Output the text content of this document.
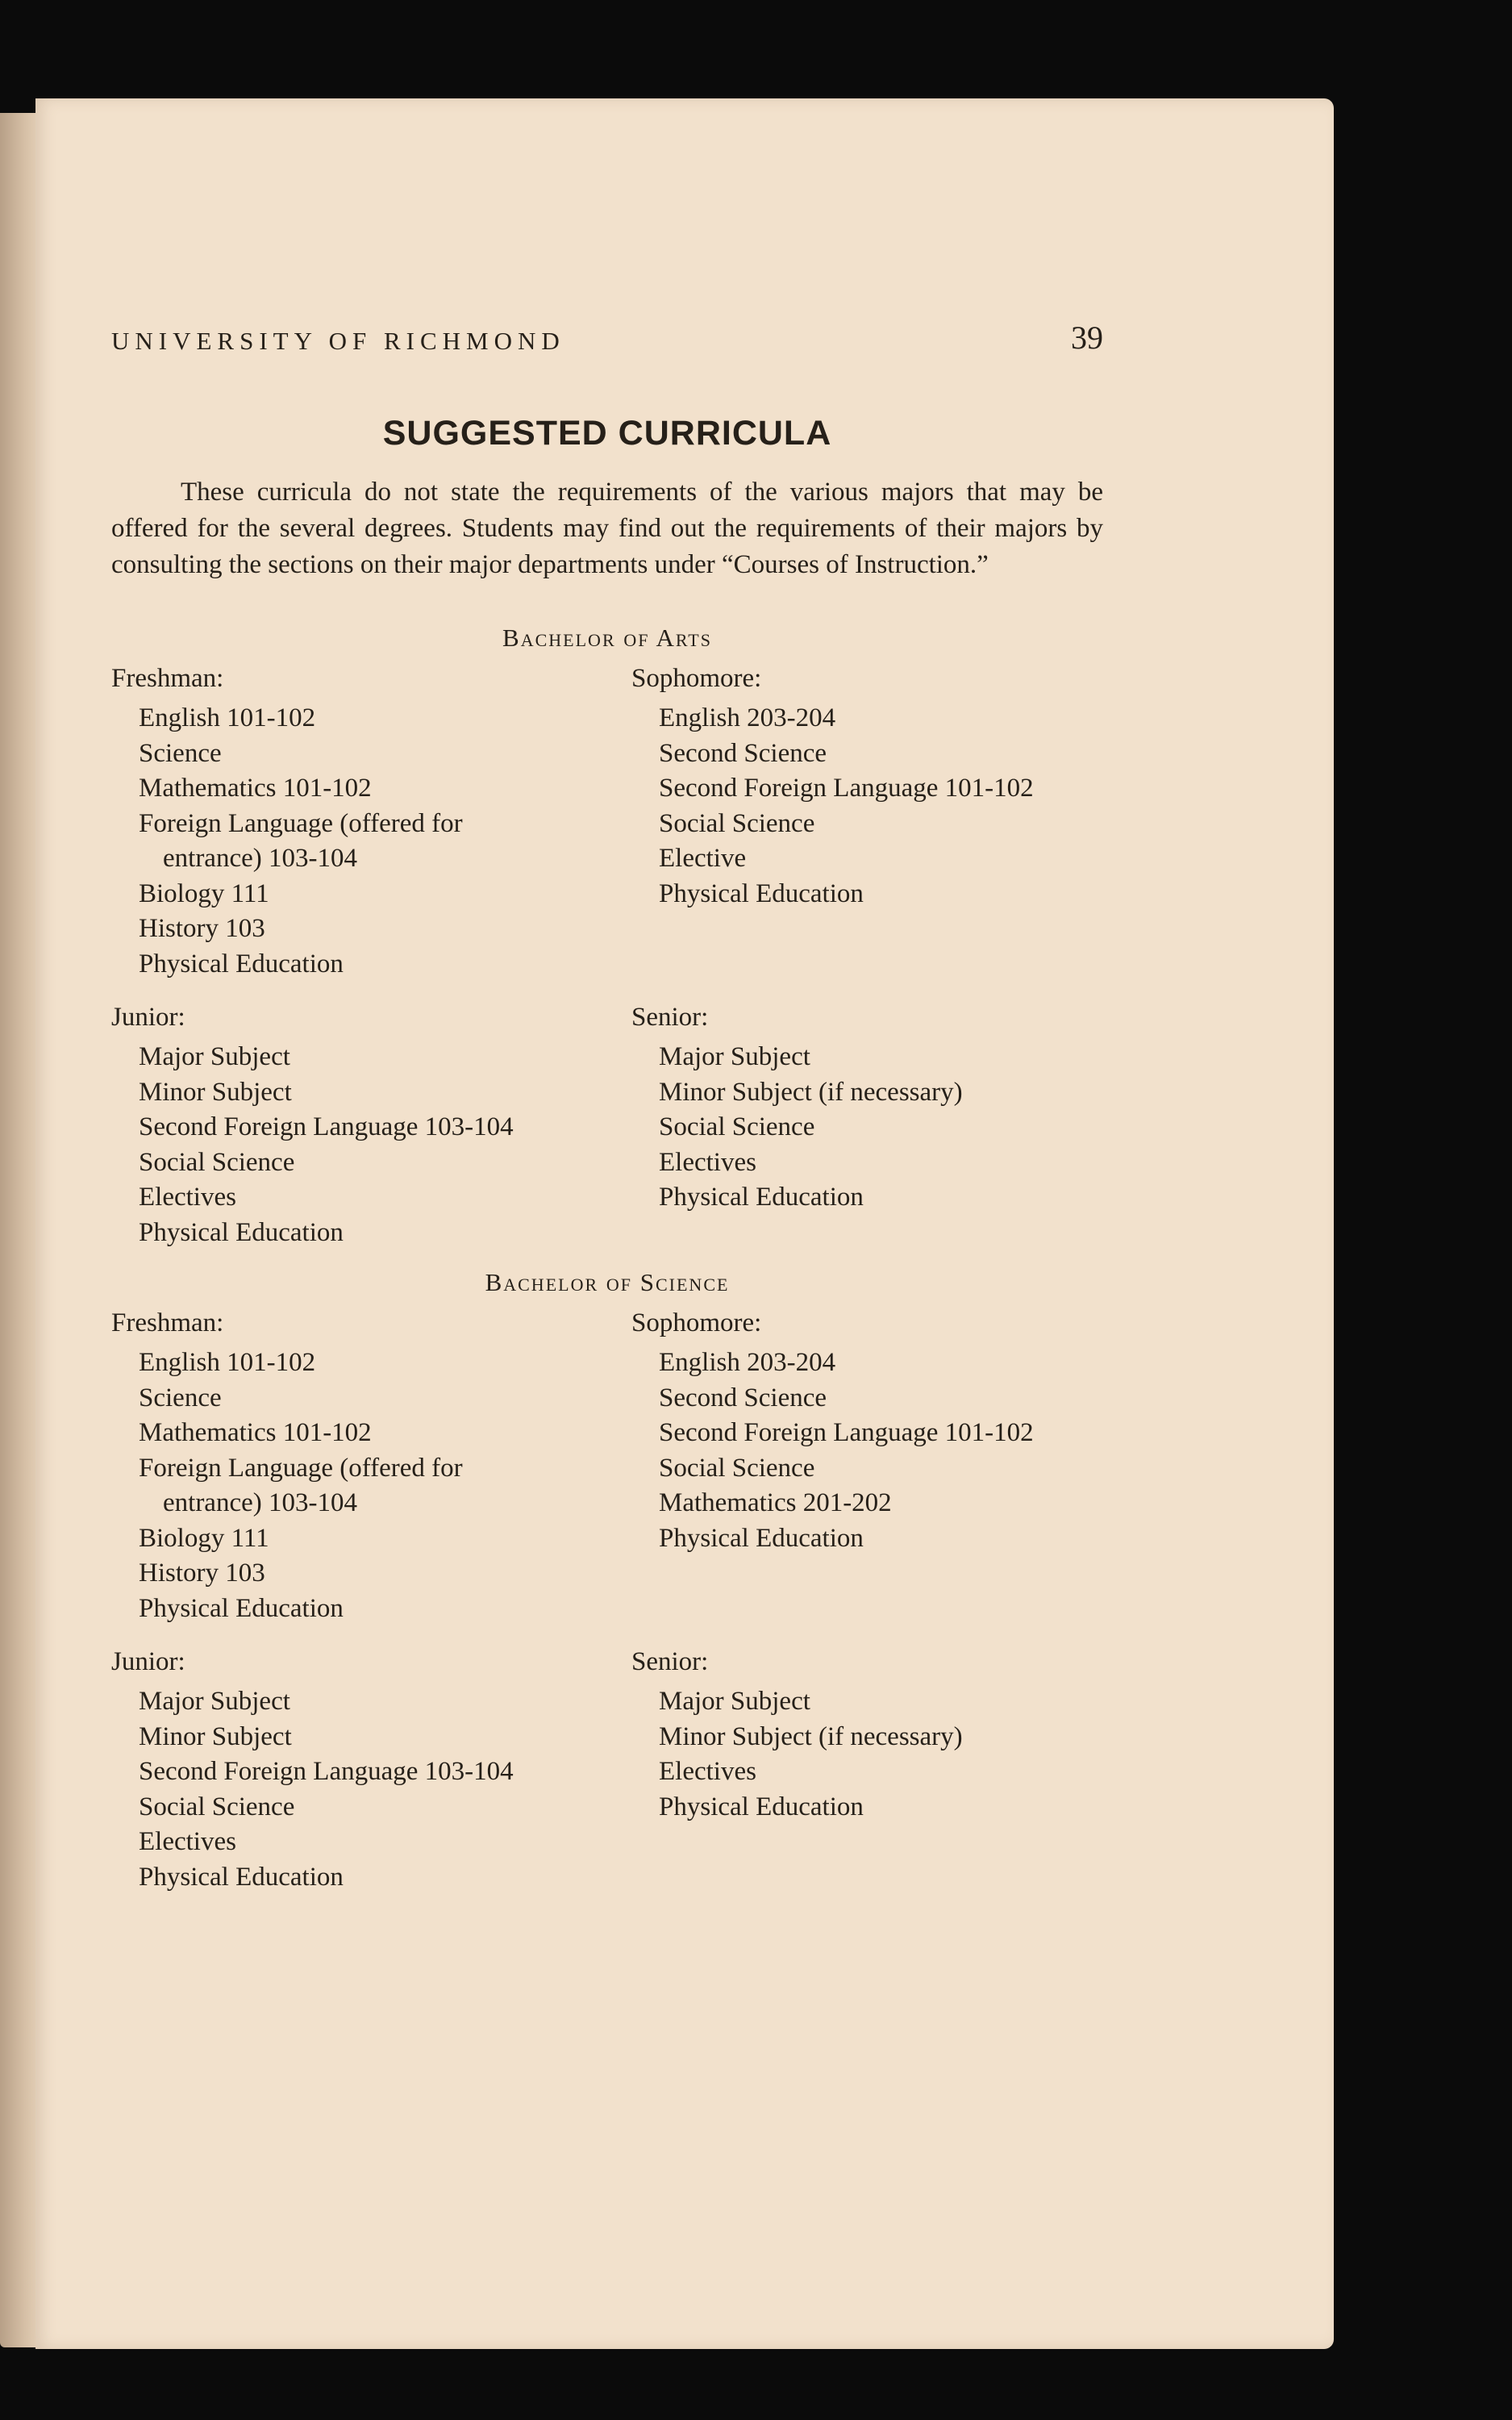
UNIVERSITY OF RICHMOND	39
SUGGESTED CURRICULA

These curricula do not state the requirements of the various majors that may be offered for the several degrees. Students may find out the requirements of their majors by consulting the sections on their major departments under “Courses of Instruction.”

Bachelor of Arts
Freshman:
English 101-102
Science
Mathematics 101-102
Foreign Language (offered for
entrance) 103-104
Biology 111
History 103
Physical Education
Sophomore:
English 203-204
Second Science
Second Foreign Language 101-102
Social Science
Elective
Physical Education
Junior:
Major Subject
Minor Subject
Second Foreign Language 103-104
Social Science
Electives
Physical Education
Senior:
Major Subject
Minor Subject (if necessary)
Social Science
Electives
Physical Education
Bachelor of Science
Freshman:
English 101-102
Science
Mathematics 101-102
Foreign Language (offered for
entrance) 103-104
Biology 111
History 103
Physical Education
Sophomore:
English 203-204
Second Science
Second Foreign Language 101-102
Social Science
Mathematics 201-202
Physical Education
Junior:
Major Subject
Minor Subject
Second Foreign Language 103-104
Social Science
Electives
Physical Education
Senior:
Major Subject
Minor Subject (if necessary)
Electives
Physical Education
